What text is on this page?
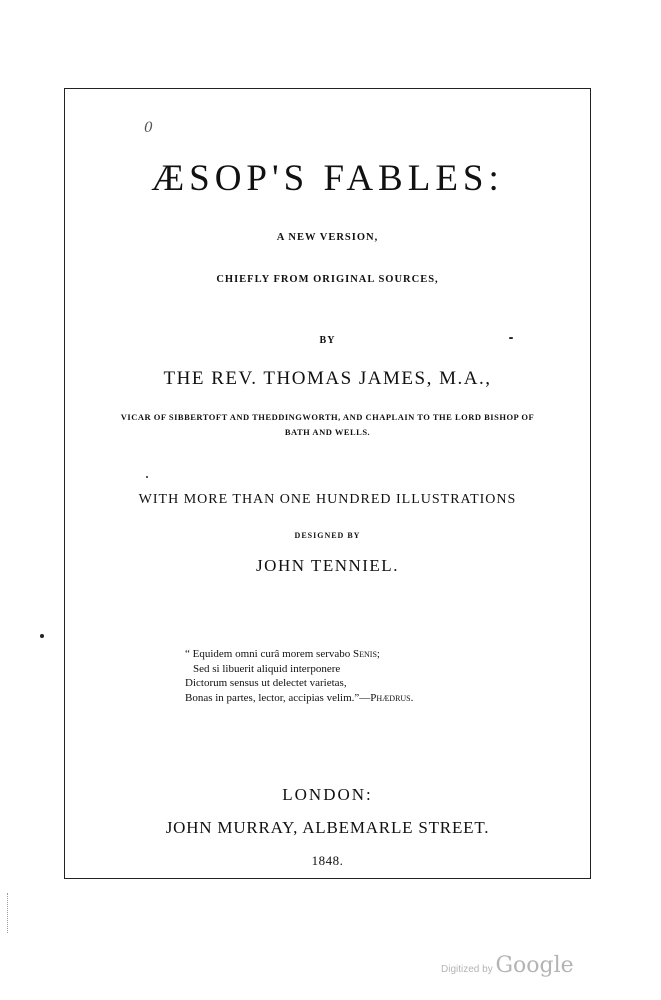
0
ÆSOP'S FABLES:
A NEW VERSION,
CHIEFLY FROM ORIGINAL SOURCES,
BY
THE REV. THOMAS JAMES, M.A.,
VICAR OF SIBBERTOFT AND THEDDINGWORTH, AND CHAPLAIN TO THE LORD BISHOP OF
BATH AND WELLS.
WITH MORE THAN ONE HUNDRED ILLUSTRATIONS
DESIGNED BY
JOHN TENNIEL.
“ Equidem omni curâ morem servabo Senis;
Sed si libuerit aliquid interponere
Dictorum sensus ut delectet varietas,
Bonas in partes, lector, accipias velim.”—Phædrus.
LONDON:
JOHN MURRAY, ALBEMARLE STREET.
1848.
Digitized by Google
